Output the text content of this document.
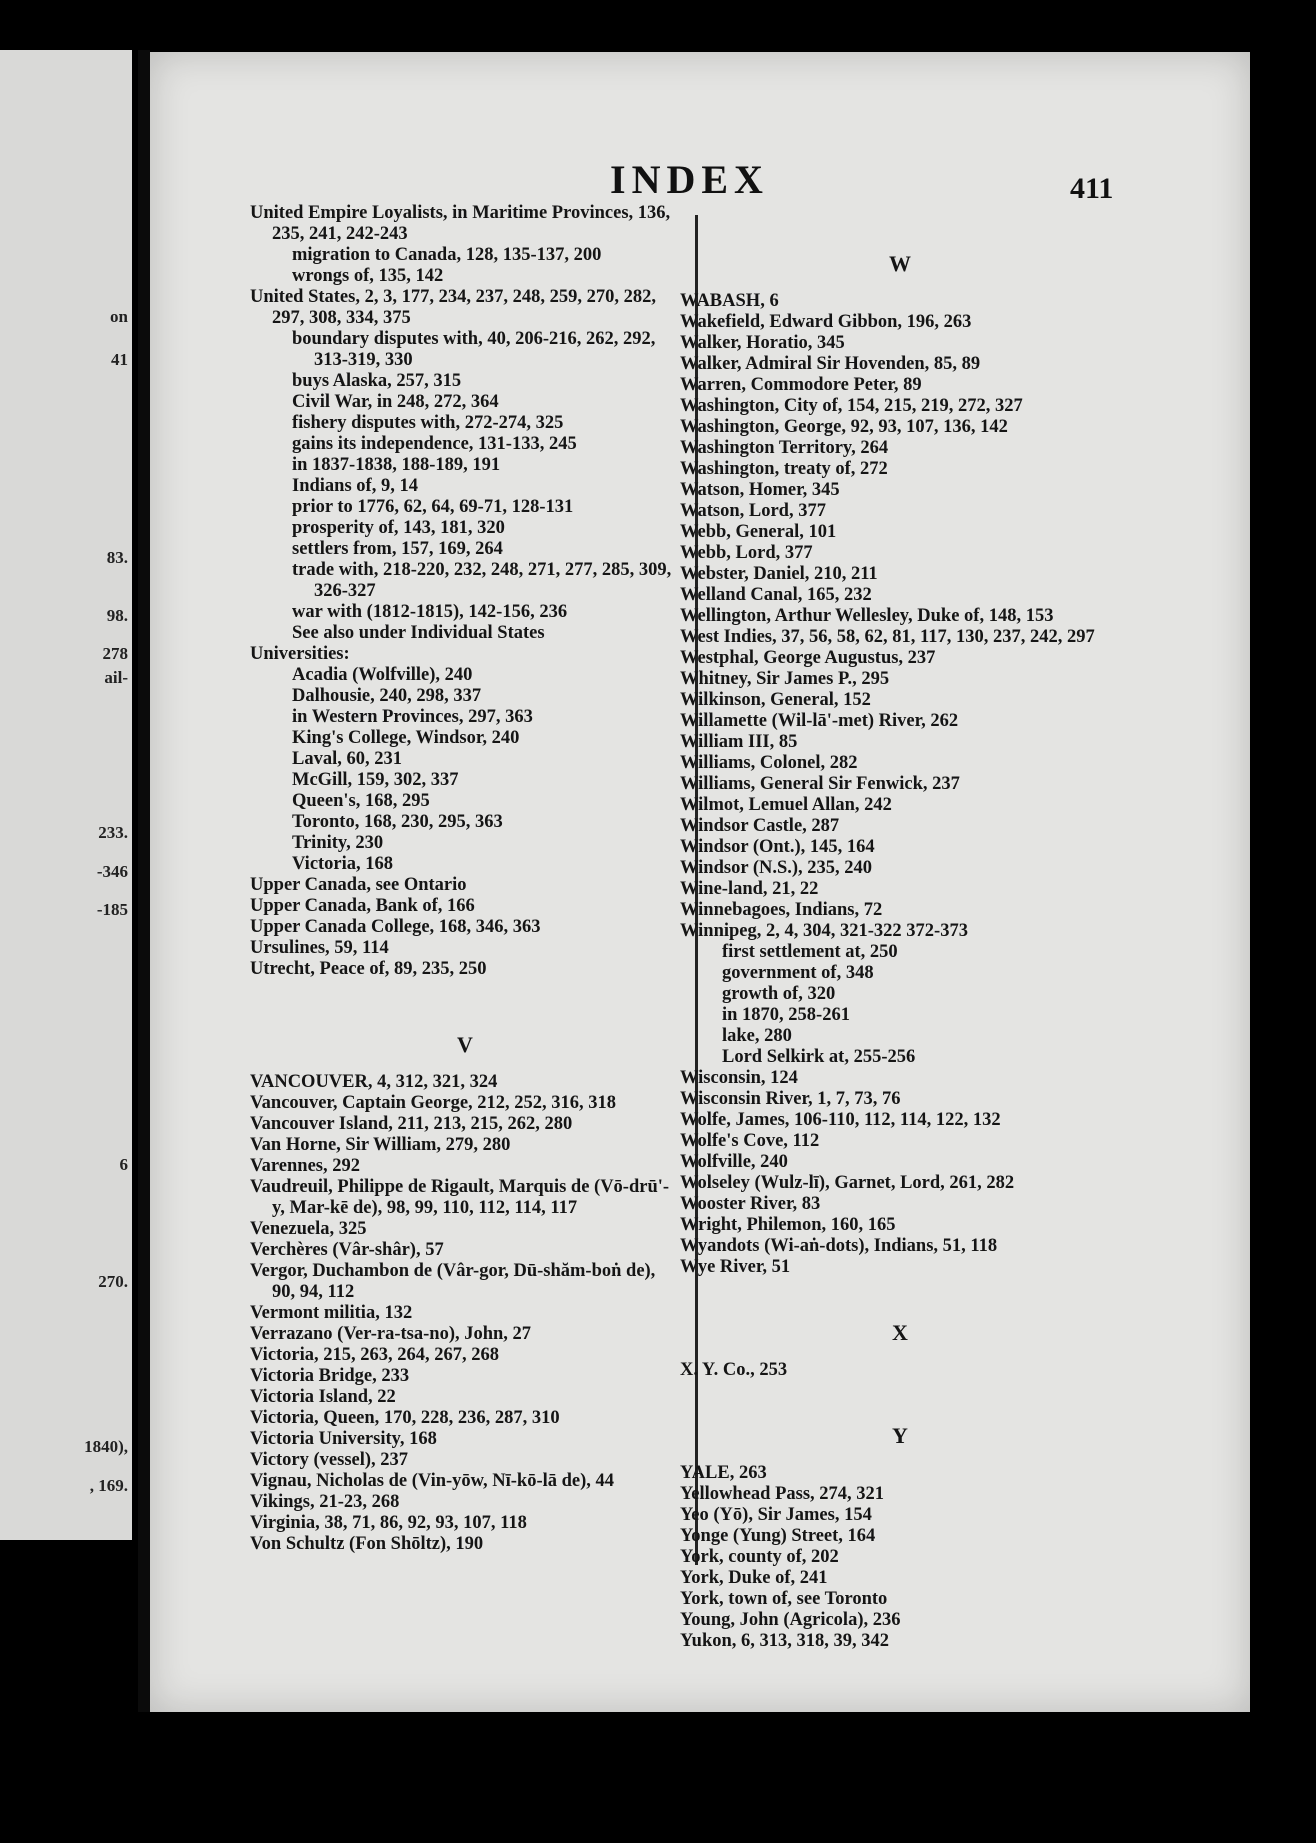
on
41
83.
98.
278
ail-
233.
-346
-185
6
270.
1840),
, 169.
INDEX	411

United Empire Loyalists, in Maritime Provinces, 136, 235, 241, 242-243

migration to Canada, 128, 135-137, 200

wrongs of, 135, 142

United States, 2, 3, 177, 234, 237, 248, 259, 270, 282, 297, 308, 334, 375

boundary disputes with, 40, 206-216, 262, 292, 313-319, 330

buys Alaska, 257, 315

Civil War, in 248, 272, 364

fishery disputes with, 272-274, 325

gains its independence, 131-133, 245

in 1837-1838, 188-189, 191

Indians of, 9, 14

prior to 1776, 62, 64, 69-71, 128-131

prosperity of, 143, 181, 320

settlers from, 157, 169, 264

trade with, 218-220, 232, 248, 271, 277, 285, 309, 326-327

war with (1812-1815), 142-156, 236

See also under Individual States

Universities:

Acadia (Wolfville), 240

Dalhousie, 240, 298, 337

in Western Provinces, 297, 363

King's College, Windsor, 240

Laval, 60, 231

McGill, 159, 302, 337

Queen's, 168, 295

Toronto, 168, 230, 295, 363

Trinity, 230

Victoria, 168

Upper Canada, see Ontario

Upper Canada, Bank of, 166

Upper Canada College, 168, 346, 363

Ursulines, 59, 114

Utrecht, Peace of, 89, 235, 250

V

VANCOUVER, 4, 312, 321, 324

Vancouver, Captain George, 212, 252, 316, 318

Vancouver Island, 211, 213, 215, 262, 280

Van Horne, Sir William, 279, 280

Varennes, 292

Vaudreuil, Philippe de Rigault, Marquis de (Vō-drū'-y, Mar-kē de), 98, 99, 110, 112, 114, 117

Venezuela, 325

Verchères (Vâr-shâr), 57

Vergor, Duchambon de (Vâr-gor, Dū-shăm-boṅ de), 90, 94, 112

Vermont militia, 132

Verrazano (Ver-ra-tsa-no), John, 27

Victoria, 215, 263, 264, 267, 268

Victoria Bridge, 233

Victoria Island, 22

Victoria, Queen, 170, 228, 236, 287, 310

Victoria University, 168

Victory (vessel), 237

Vignau, Nicholas de (Vin-yōw, Nī-kō-lā de), 44

Vikings, 21-23, 268

Virginia, 38, 71, 86, 92, 93, 107, 118

Von Schultz (Fon Shōltz), 190

W

WABASH, 6

Wakefield, Edward Gibbon, 196, 263

Walker, Horatio, 345

Walker, Admiral Sir Hovenden, 85, 89

Warren, Commodore Peter, 89

Washington, City of, 154, 215, 219, 272, 327

Washington, George, 92, 93, 107, 136, 142

Washington Territory, 264

Washington, treaty of, 272

Watson, Homer, 345

Watson, Lord, 377

Webb, General, 101

Webb, Lord, 377

Webster, Daniel, 210, 211

Welland Canal, 165, 232

Wellington, Arthur Wellesley, Duke of, 148, 153

West Indies, 37, 56, 58, 62, 81, 117, 130, 237, 242, 297

Westphal, George Augustus, 237

Whitney, Sir James P., 295

Wilkinson, General, 152

Willamette (Wil-lā'-met) River, 262

William III, 85

Williams, Colonel, 282

Williams, General Sir Fenwick, 237

Wilmot, Lemuel Allan, 242

Windsor Castle, 287

Windsor (Ont.), 145, 164

Windsor (N.S.), 235, 240

Wine-land, 21, 22

Winnebagoes, Indians, 72

Winnipeg, 2, 4, 304, 321-322 372-373

first settlement at, 250

government of, 348

growth of, 320

in 1870, 258-261

lake, 280

Lord Selkirk at, 255-256

Wisconsin, 124

Wisconsin River, 1, 7, 73, 76

Wolfe, James, 106-110, 112, 114, 122, 132

Wolfe's Cove, 112

Wolfville, 240

Wolseley (Wulz-lī), Garnet, Lord, 261, 282

Wooster River, 83

Wright, Philemon, 160, 165

Wyandots (Wi-aṅ-dots), Indians, 51, 118

Wye River, 51

X

X. Y. Co., 253

Y

YALE, 263

Yellowhead Pass, 274, 321

Yeo (Yō), Sir James, 154

Yonge (Yung) Street, 164

York, county of, 202

York, Duke of, 241

York, town of, see Toronto

Young, John (Agricola), 236

Yukon, 6, 313, 318, 39, 342
